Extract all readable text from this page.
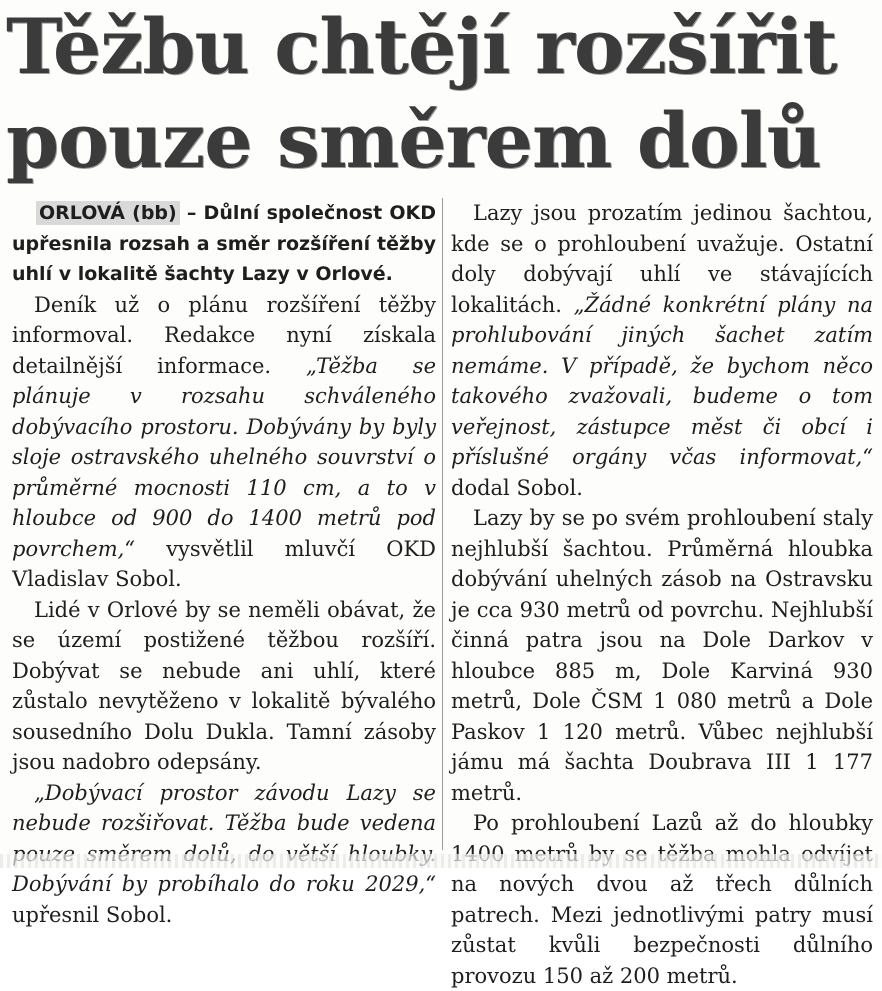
Těžbu chtějí rozšířit
pouze směrem dolů

ORLOVÁ (bb) – Důlní společnost OKD upřesnila rozsah a směr rozšíření těžby uhlí v lokalitě šachty Lazy v Orlové.

Deník už o plánu rozšíření těžby informoval. Redakce nyní získala detailnější informace. „Těžba se plánuje v rozsahu schváleného dobývacího prostoru. Dobývány by byly sloje ostravského uhelného souvrství o průměrné mocnosti 110 cm, a to v hloubce od 900 do 1400 metrů pod povrchem,“ vysvětlil mluvčí OKD Vladislav Sobol.

Lidé v Orlové by se neměli obávat, že se území postižené těžbou rozšíří. Dobývat se nebude ani uhlí, které zůstalo nevytěženo v lokalitě bývalého sousedního Dolu Dukla. Tamní zásoby jsou nadobro odepsány.

„Dobývací prostor závodu Lazy se nebude rozšiřovat. Těžba bude vedena Dobývání by probíhalo do roku 2029,“ upřesnil Sobol.

Lazy jsou prozatím jedinou šachtou, kde se o prohloubení uvažuje. Ostatní doly dobývají uhlí ve stávajících lokalitách. „Žádné konkrétní plány na prohlubování jiných šachet zatím nemáme. V případě, že bychom něco takového zvažovali, budeme o tom veřejnost, zástupce měst či obcí i příslušné orgány včas informovat,“ dodal Sobol.

Lazy by se po svém prohloubení staly nejhlubší šachtou. Průměrná hloubka dobývání uhelných zásob na Ostravsku je cca 930 metrů od povrchu. Nejhlubší činná patra jsou na Dole Darkov v hloubce 885 m, Dole Karviná 930 metrů, Dole ČSM 1 080 metrů a Dole Paskov 1 120 metrů. Vůbec nejhlubší jámu má šachta Doubrava III 1 177 metrů.

Po prohloubení Lazů až do hloubky na nových dvou až třech důlních patrech. Mezi jednotlivými patry musí zůstat kvůli bezpečnosti důlního provozu 150 až 200 metrů.
